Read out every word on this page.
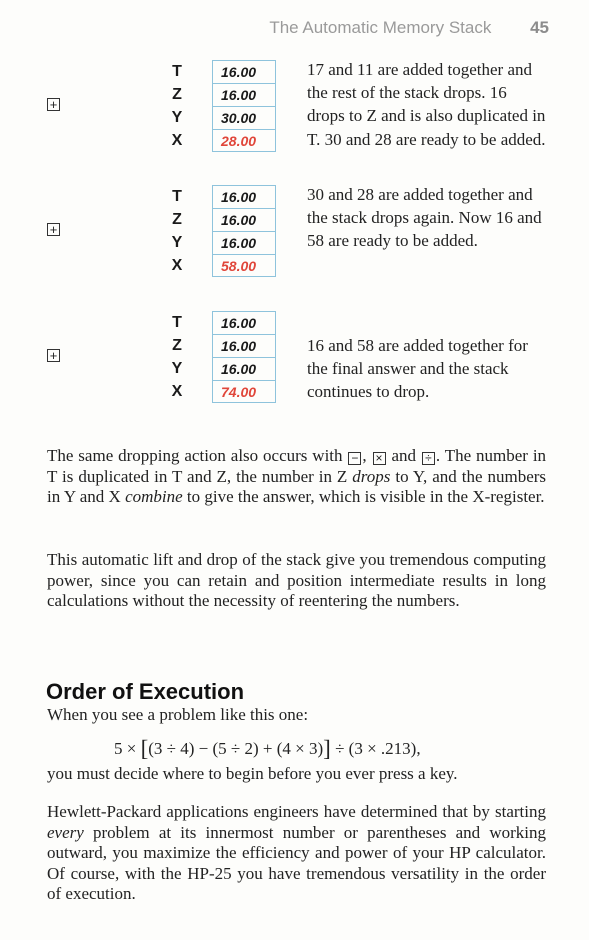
The Automatic Memory Stack 45
+
T
Z
Y
X
16.00
16.00
30.00
28.00
17 and 11 are added together and the rest of the stack drops. 16 drops to Z and is also duplicated in T. 30 and 28 are ready to be added.
+
T
Z
Y
X
16.00
16.00
16.00
58.00
30 and 28 are added together and the stack drops again. Now 16 and 58 are ready to be added.
+
T
Z
Y
X
16.00
16.00
16.00
74.00
16 and 58 are added together for the final answer and the stack continues to drop.
The same dropping action also occurs with − , × and ÷ . The number in T is duplicated in T and Z, the number in Z drops to Y, and the numbers in Y and X combine to give the answer, which is visible in the X-register.
This automatic lift and drop of the stack give you tremendous computing power, since you can retain and position intermediate results in long calculations without the necessity of reentering the numbers.
Order of Execution
When you see a problem like this one:
5 × [(3 ÷ 4) − (5 ÷ 2) + (4 × 3)] ÷ (3 × .213),
you must decide where to begin before you ever press a key.
Hewlett-Packard applications engineers have determined that by starting every problem at its innermost number or parentheses and working outward, you maximize the efficiency and power of your HP calculator. Of course, with the HP-25 you have tremendous versatility in the order of execution.
